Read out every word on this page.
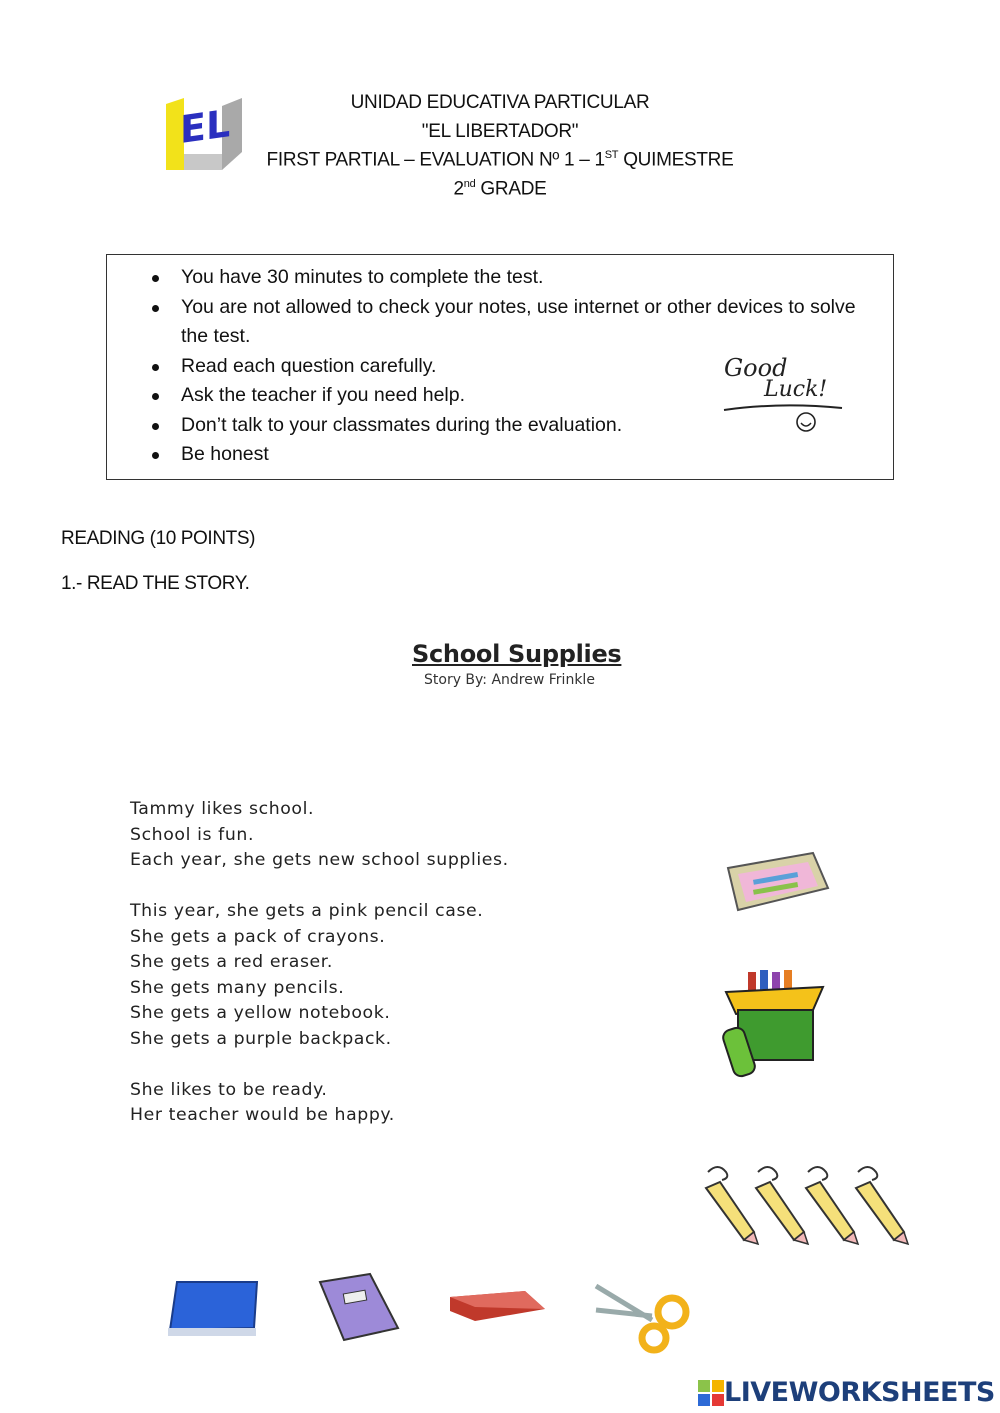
EL	UNIDAD EDUCATIVA PARTICULAR
"EL LIBERTADOR"
FIRST PARTIAL – EVALUATION Nº 1 – 1ST QUIMESTRE
2nd GRADE
You have 30 minutes to complete the test.
You are not allowed to check your notes, use internet or other devices to solve the test.
Read each question carefully.
Ask the teacher if you need help.
Don’t talk to your classmates during the evaluation.
Be honest
Good
Luck!
READING (10 POINTS)
1.- READ THE STORY.
School Supplies
Story By: Andrew Frinkle
Tammy likes school.
School is fun.
Each year, she gets new school supplies.
This year, she gets a pink pencil case.
She gets a pack of crayons.
She gets a red eraser.
She gets many pencils.
She gets a yellow notebook.
She gets a purple backpack.
She likes to be ready.
Her teacher would be happy.
LIVEWORKSHEETS
